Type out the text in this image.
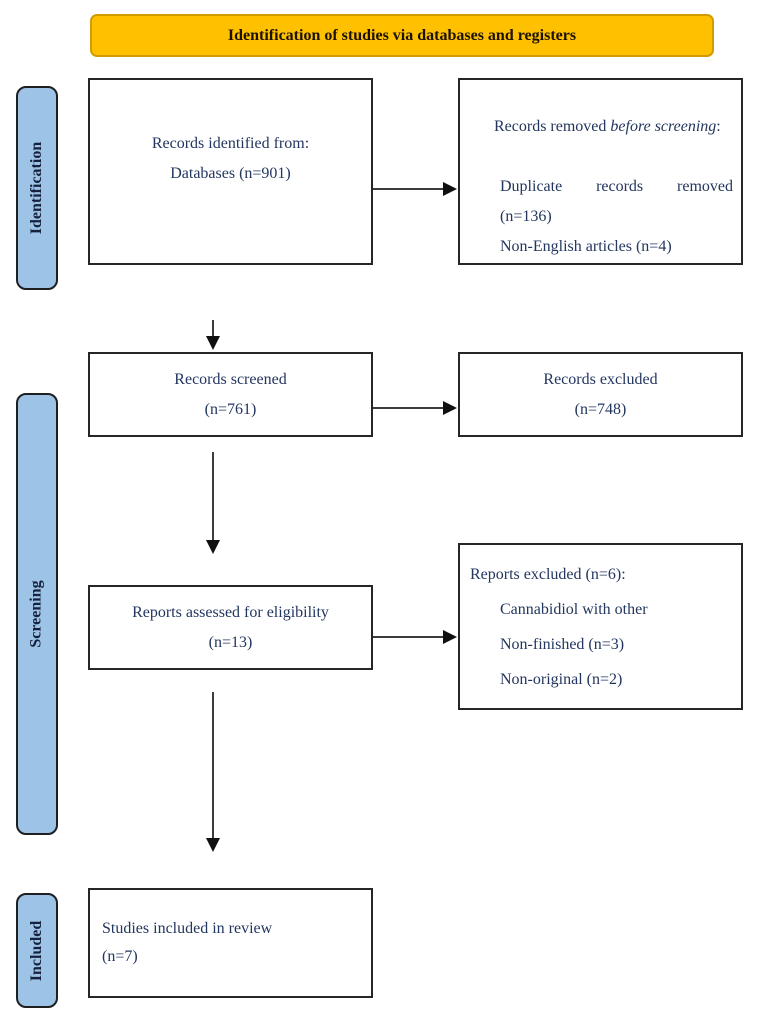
Identification of studies via databases and registers
Identification
Screening
Included
Records identified from:
Databases (n=901)

Records removed before screening:

Duplicate records removed
(n=136)
Non-English articles (n=4)
Records screened
(n=761)
Records excluded
(n=748)
Reports assessed for eligibility
(n=13)
Reports excluded (n=6):
Cannabidiol with other
Non-finished (n=3)
Non-original (n=2)
Studies included in review
(n=7)
